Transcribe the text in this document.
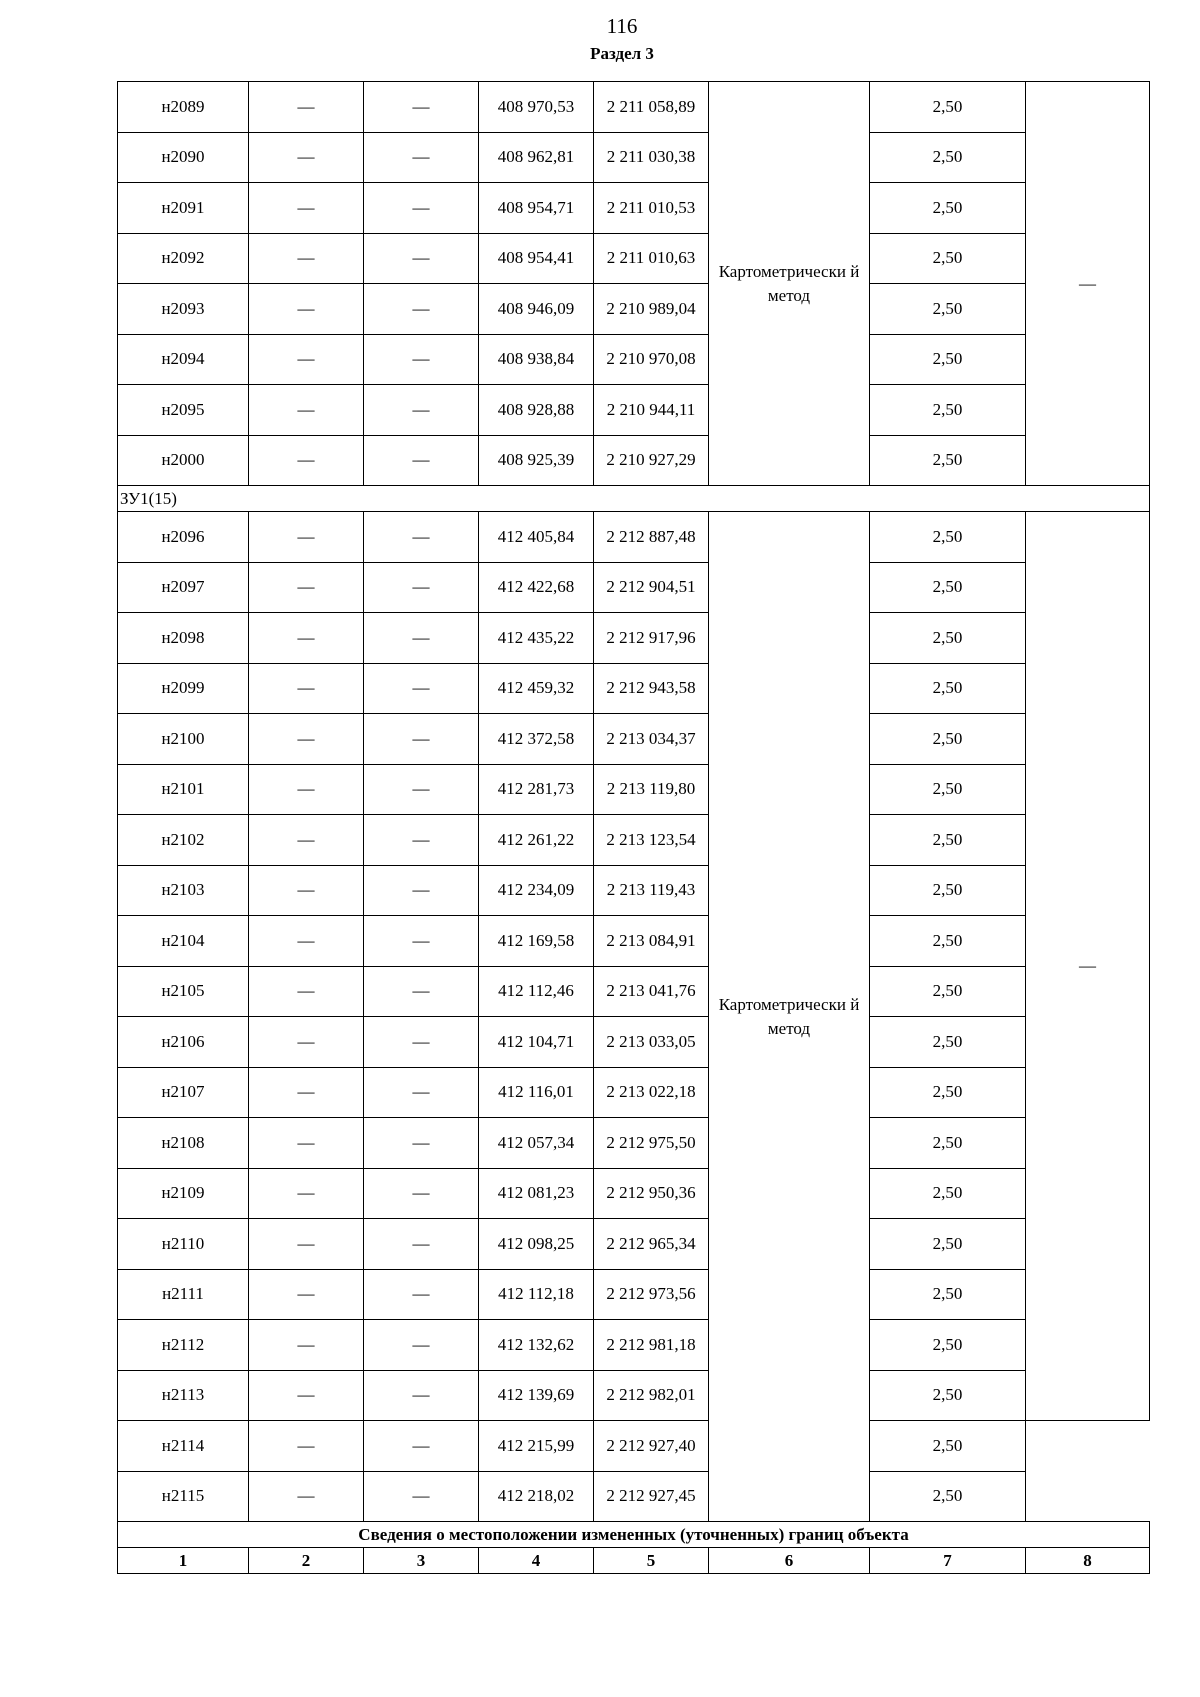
116
Раздел 3
н2089	—	—	408 970,53	2 211 058,89	Картометрически й метод	2,50	—
н2090	—	—	408 962,81	2 211 030,38		2,50	
н2091	—	—	408 954,71	2 211 010,53		2,50	
н2092	—	—	408 954,41	2 211 010,63		2,50	
н2093	—	—	408 946,09	2 210 989,04		2,50	
н2094	—	—	408 938,84	2 210 970,08		2,50	
н2095	—	—	408 928,88	2 210 944,11		2,50	
н2000	—	—	408 925,39	2 210 927,29		2,50	
ЗУ1(15)							
н2096	—	—	412 405,84	2 212 887,48	Картометрически й метод	2,50	—
н2097	—	—	412 422,68	2 212 904,51		2,50	
н2098	—	—	412 435,22	2 212 917,96		2,50	
н2099	—	—	412 459,32	2 212 943,58		2,50	
н2100	—	—	412 372,58	2 213 034,37		2,50	
н2101	—	—	412 281,73	2 213 119,80		2,50	
н2102	—	—	412 261,22	2 213 123,54		2,50	
н2103	—	—	412 234,09	2 213 119,43		2,50	
н2104	—	—	412 169,58	2 213 084,91		2,50	
н2105	—	—	412 112,46	2 213 041,76		2,50	
н2106	—	—	412 104,71	2 213 033,05		2,50	
н2107	—	—	412 116,01	2 213 022,18		2,50	
н2108	—	—	412 057,34	2 212 975,50		2,50	
н2109	—	—	412 081,23	2 212 950,36		2,50	
н2110	—	—	412 098,25	2 212 965,34		2,50	
н2111	—	—	412 112,18	2 212 973,56		2,50	
н2112	—	—	412 132,62	2 212 981,18		2,50	
н2113	—	—	412 139,69	2 212 982,01		2,50	
н2114	—	—	412 215,99	2 212 927,40		2,50	
н2115	—	—	412 218,02	2 212 927,45		2,50	
Сведения о местоположении измененных (уточненных) границ объекта							
1	2	3	4	5	6	7	8
